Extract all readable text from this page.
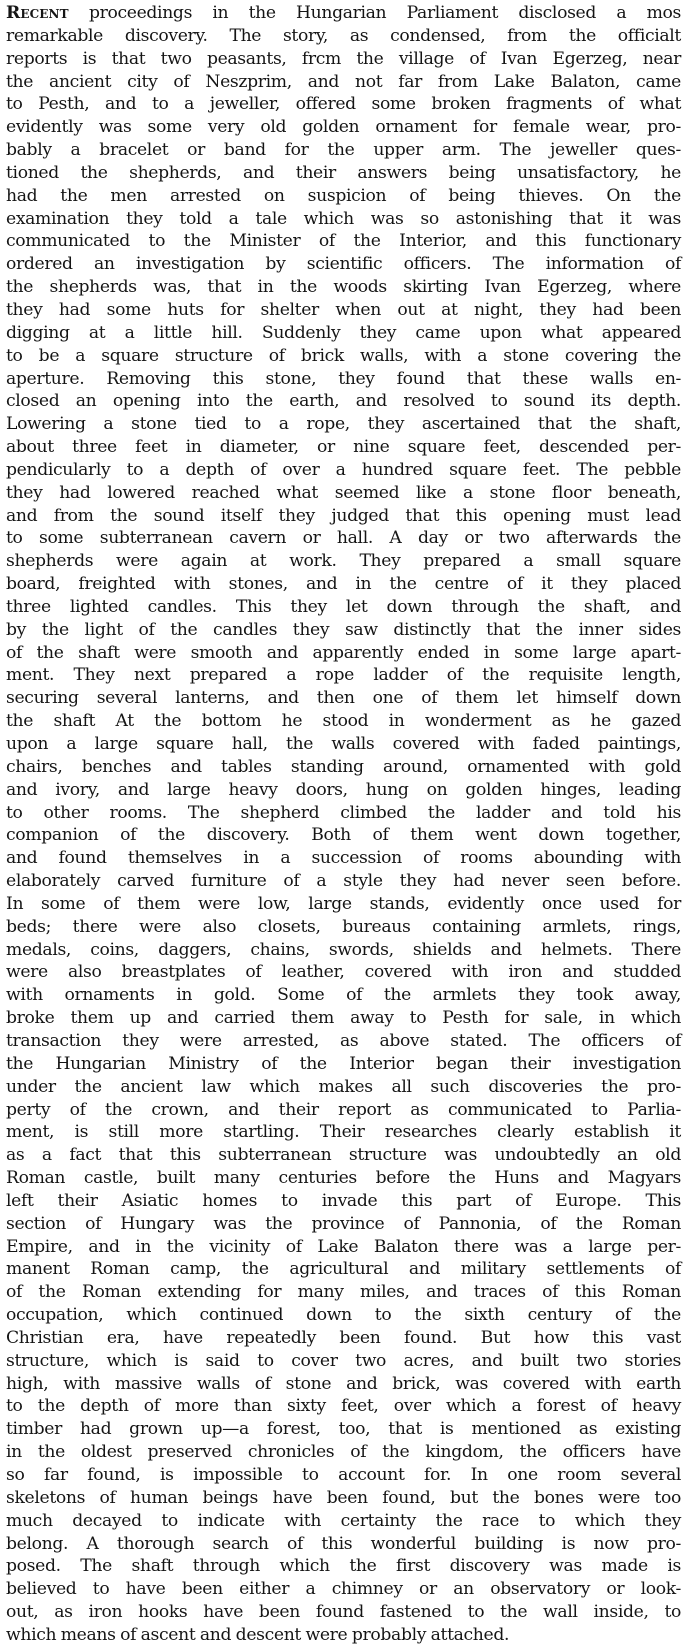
Recent proceedings in the Hungarian Parliament disclosed a mos
remarkable discovery. The story, as condensed, from the officialt
reports is that two peasants, frcm the village of Ivan Egerzeg, near
the ancient city of Neszprim, and not far from Lake Balaton, came
to Pesth, and to a jeweller, offered some broken fragments of what
evidently was some very old golden ornament for female wear, pro-
bably a bracelet or band for the upper arm. The jeweller ques-
tioned the shepherds, and their answers being unsatisfactory, he
had the men arrested on suspicion of being thieves. On the
examination they told a tale which was so astonishing that it was
communicated to the Minister of the Interior, and this functionary
ordered an investigation by scientific officers. The information of
the shepherds was, that in the woods skirting Ivan Egerzeg, where
they had some huts for shelter when out at night, they had been
digging at a little hill. Suddenly they came upon what appeared
to be a square structure of brick walls, with a stone covering the
aperture. Removing this stone, they found that these walls en-
closed an opening into the earth, and resolved to sound its depth.
Lowering a stone tied to a rope, they ascertained that the shaft,
about three feet in diameter, or nine square feet, descended per-
pendicularly to a depth of over a hundred square feet. The pebble
they had lowered reached what seemed like a stone floor beneath,
and from the sound itself they judged that this opening must lead
to some subterranean cavern or hall. A day or two afterwards the
shepherds were again at work. They prepared a small square
board, freighted with stones, and in the centre of it they placed
three lighted candles. This they let down through the shaft, and
by the light of the candles they saw distinctly that the inner sides
of the shaft were smooth and apparently ended in some large apart-
ment. They next prepared a rope ladder of the requisite length,
securing several lanterns, and then one of them let himself down
the shaft At the bottom he stood in wonderment as he gazed
upon a large square hall, the walls covered with faded paintings,
chairs, benches and tables standing around, ornamented with gold
and ivory, and large heavy doors, hung on golden hinges, leading
to other rooms. The shepherd climbed the ladder and told his
companion of the discovery. Both of them went down together,
and found themselves in a succession of rooms abounding with
elaborately carved furniture of a style they had never seen before.
In some of them were low, large stands, evidently once used for
beds; there were also closets, bureaus containing armlets, rings,
medals, coins, daggers, chains, swords, shields and helmets. There
were also breastplates of leather, covered with iron and studded
with ornaments in gold. Some of the armlets they took away,
broke them up and carried them away to Pesth for sale, in which
transaction they were arrested, as above stated. The officers of
the Hungarian Ministry of the Interior began their investigation
under the ancient law which makes all such discoveries the pro-
perty of the crown, and their report as communicated to Parlia-
ment, is still more startling. Their researches clearly establish it
as a fact that this subterranean structure was undoubtedly an old
Roman castle, built many centuries before the Huns and Magyars
left their Asiatic homes to invade this part of Europe. This
section of Hungary was the province of Pannonia, of the Roman
Empire, and in the vicinity of Lake Balaton there was a large per-
manent Roman camp, the agricultural and military settlements of
of the Roman extending for many miles, and traces of this Roman
occupation, which continued down to the sixth century of the
Christian era, have repeatedly been found. But how this vast
structure, which is said to cover two acres, and built two stories
high, with massive walls of stone and brick, was covered with earth
to the depth of more than sixty feet, over which a forest of heavy
timber had grown up—a forest, too, that is mentioned as existing
in the oldest preserved chronicles of the kingdom, the officers have
so far found, is impossible to account for. In one room several
skeletons of human beings have been found, but the bones were too
much decayed to indicate with certainty the race to which they
belong. A thorough search of this wonderful building is now pro-
posed. The shaft through which the first discovery was made is
believed to have been either a chimney or an observatory or look-
out, as iron hooks have been found fastened to the wall inside, to
which means of ascent and descent were probably attached.
